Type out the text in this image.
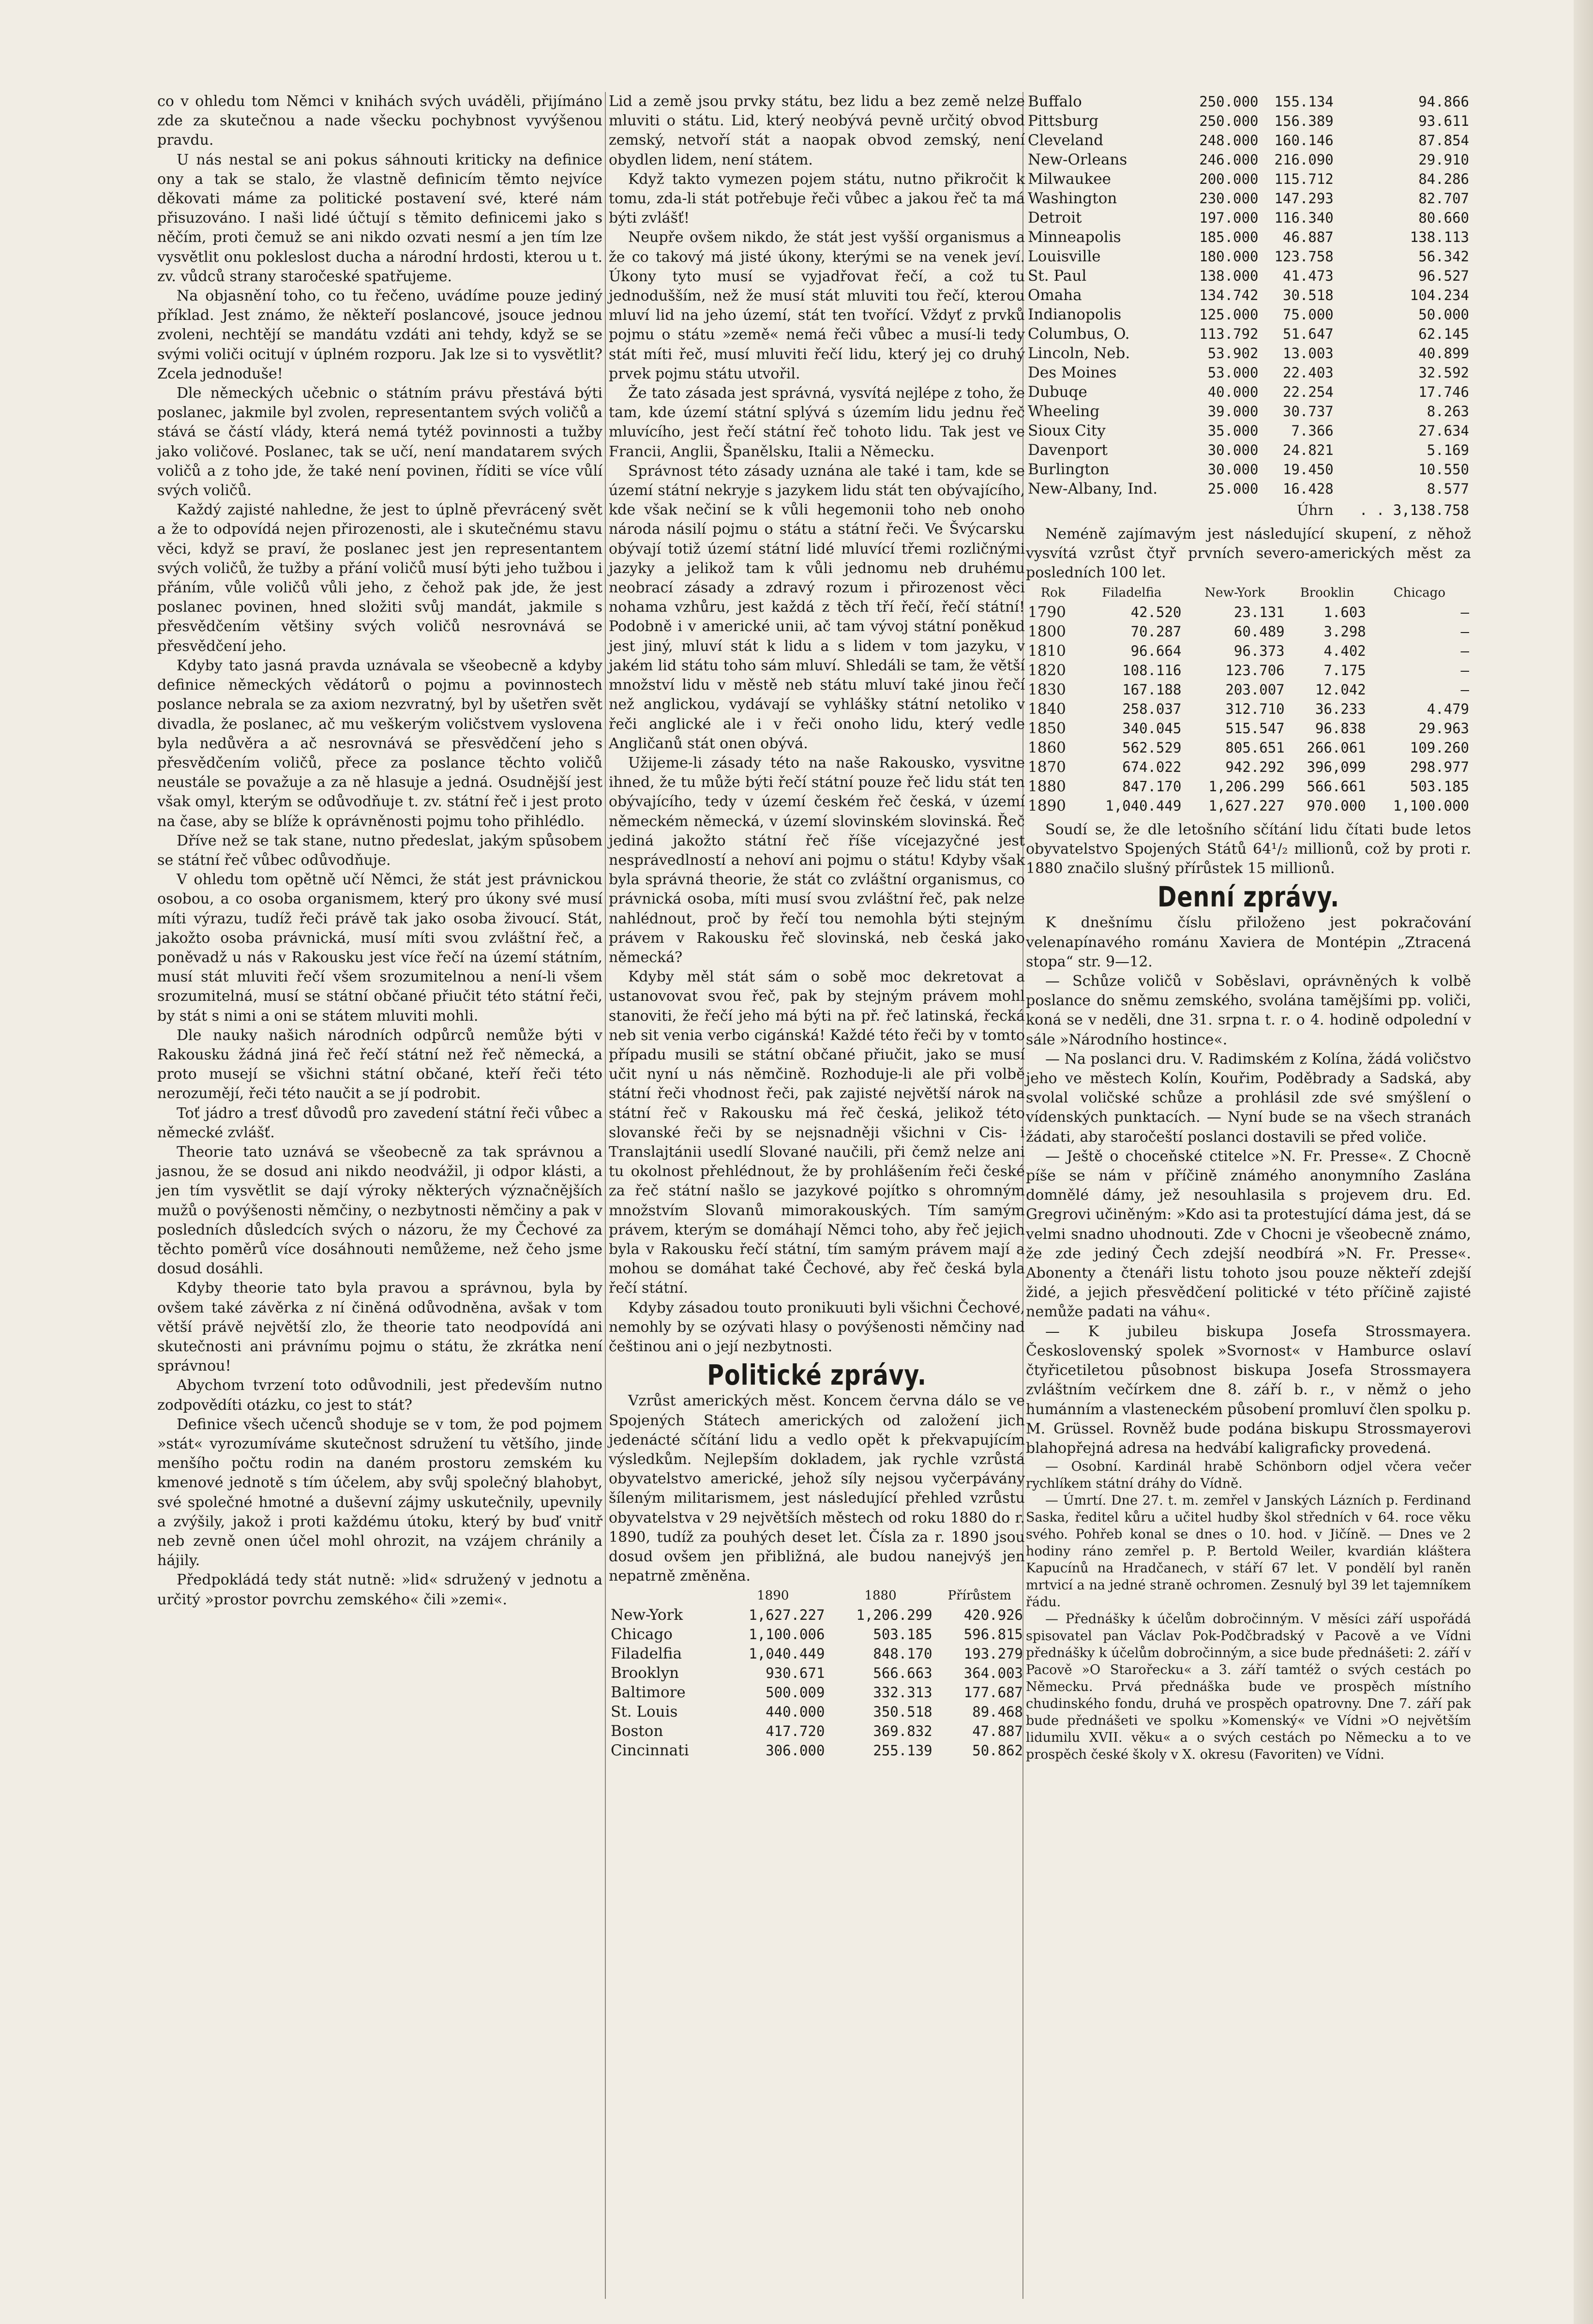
co v ohledu tom Němci v knihách svých uváděli, přijímáno zde za skutečnou a nade všecku pochybnost vyvýšenou pravdu.

U nás nestal se ani pokus sáhnouti kriticky na definice ony a tak se stalo, že vlastně definicím těmto nejvíce děkovati máme za politické postavení své, které nám přisuzováno. I naši lidé účtují s těmito definicemi jako s něčím, proti čemuž se ani nikdo ozvati nesmí a jen tím lze vysvětlit onu pokleslost ducha a národní hrdosti, kterou u t. zv. vůdců strany staročeské spatřujeme.

Na objasnění toho, co tu řečeno, uvádíme pouze jediný příklad. Jest známo, že někteří poslancové, jsouce jednou zvoleni, nechtějí se mandátu vzdáti ani tehdy, když se se svými voliči ocitují v úplném rozporu. Jak lze si to vysvětlit? Zcela jednoduše!

Dle německých učebnic o státním právu přestává býti poslanec, jakmile byl zvolen, representantem svých voličů a stává se částí vlády, která nemá tytéž povinnosti a tužby jako voličové. Poslanec, tak se učí, není mandatarem svých voličů a z toho jde, že také není povinen, říditi se více vůlí svých voličů.

Každý zajisté nahledne, že jest to úplně převrácený svět a že to odpovídá nejen přirozenosti, ale i skutečnému stavu věci, když se praví, že poslanec jest jen representantem svých voličů, že tužby a přání voličů musí býti jeho tužbou i přáním, vůle voličů vůli jeho, z čehož pak jde, že jest poslanec povinen, hned složiti svůj mandát, jakmile s přesvědčením většiny svých voličů nesrovnává se přesvědčení jeho.

Kdyby tato jasná pravda uznávala se všeobecně a kdyby definice německých vědátorů o pojmu a povinnostech poslance nebrala se za axiom nezvratný, byl by ušetřen svět divadla, že poslanec, ač mu veškerým voličstvem vyslovena byla nedůvěra a ač nesrovnává se přesvědčení jeho s přesvědčením voličů, přece za poslance těchto voličů neustále se považuje a za ně hlasuje a jedná. Osudnější jest však omyl, kterým se odůvodňuje t. zv. státní řeč i jest proto na čase, aby se blíže k oprávněnosti pojmu toho přihlédlo.

Dříve než se tak stane, nutno předeslat, jakým spůsobem se státní řeč vůbec odůvodňuje.

V ohledu tom opětně učí Němci, že stát jest právnickou osobou, a co osoba organismem, který pro úkony své musí míti výrazu, tudíž řeči právě tak jako osoba živoucí. Stát, jakožto osoba právnická, musí míti svou zvláštní řeč, a poněvadž u nás v Rakousku jest více řečí na území státním, musí stát mluviti řečí všem srozumitelnou a není-li všem srozumitelná, musí se státní občané přiučit této státní řeči, by stát s nimi a oni se státem mluviti mohli.

Dle nauky našich národních odpůrců nemůže býti v Rakousku žádná jiná řeč řečí státní než řeč německá, a proto musejí se všichni státní občané, kteří řeči této nerozumějí, řeči této naučit a se jí podrobit.

Toť jádro a tresť důvodů pro zavedení státní řeči vůbec a německé zvlášť.

Theorie tato uznává se všeobecně za tak správnou a jasnou, že se dosud ani nikdo neodvážil, ji odpor klásti, a jen tím vysvětlit se dají výroky některých význačnějších mužů o povýšenosti němčiny, o nezbytnosti němčiny a pak v posledních důsledcích svých o názoru, že my Čechové za těchto poměrů více dosáhnouti nemůžeme, než čeho jsme dosud dosáhli.

Kdyby theorie tato byla pravou a správnou, byla by ovšem také závěrka z ní činěná odůvodněna, avšak v tom větší právě největší zlo, že theorie tato neodpovídá ani skutečnosti ani právnímu pojmu o státu, že zkrátka není správnou!

Abychom tvrzení toto odůvodnili, jest především nutno zodpovědíti otázku, co jest to stát?

Definice všech učenců shoduje se v tom, že pod pojmem »stát« vyrozumíváme skutečnost sdružení tu většího, jinde menšího počtu rodin na daném prostoru zemském ku kmenové jednotě s tím účelem, aby svůj společný blahobyt, své společné hmotné a duševní zájmy uskutečnily, upevnily a zvýšily, jakož i proti každému útoku, který by buď vnitř neb zevně onen účel mohl ohrozit, na vzájem chránily a hájily.

Předpokládá tedy stát nutně: »lid« sdružený v jednotu a určitý »prostor povrchu zemského« čili »zemi«.

Lid a země jsou prvky státu, bez lidu a bez země nelze mluviti o státu. Lid, který neobývá pevně určitý obvod zemský, netvoří stát a naopak obvod zemský, není obydlen lidem, není státem.

Když takto vymezen pojem státu, nutno přikročit k tomu, zda-li stát potřebuje řeči vůbec a jakou řeč ta má býti zvlášť!

Neupře ovšem nikdo, že stát jest vyšší organismus a že co takový má jisté úkony, kterými se na venek jeví. Úkony tyto musí se vyjadřovat řečí, a což tu jednodušším, než že musí stát mluviti tou řečí, kterou mluví lid na jeho území, stát ten tvořící. Vždyť z prvků pojmu o státu »země« nemá řeči vůbec a musí-li tedy stát míti řeč, musí mluviti řečí lidu, který jej co druhý prvek pojmu státu utvořil.

Že tato zásada jest správná, vysvítá nejlépe z toho, že tam, kde území státní splývá s územím lidu jednu řeč mluvícího, jest řečí státní řeč tohoto lidu. Tak jest ve Francii, Anglii, Španělsku, Italii a Německu.

Správnost této zásady uznána ale také i tam, kde se území státní nekryje s jazykem lidu stát ten obývajícího, kde však nečiní se k vůli hegemonii toho neb onoho národa násilí pojmu o státu a státní řeči. Ve Švýcarsku obývají totiž území státní lidé mluvící třemi rozličnými jazyky a jelikož tam k vůli jednomu neb druhému neobrací zásady a zdravý rozum i přirozenost věci nohama vzhůru, jest každá z těch tří řečí, řečí státní! Podobně i v americké unii, ač tam vývoj státní poněkud jest jiný, mluví stát k lidu a s lidem v tom jazyku, v jakém lid státu toho sám mluví. Shledáli se tam, že větší množství lidu v městě neb státu mluví také jinou řečí než anglickou, vydávají se vyhlášky státní netoliko v řeči anglické ale i v řeči onoho lidu, který vedle Angličanů stát onen obývá.

Užijeme-li zásady této na naše Rakousko, vysvitne ihned, že tu může býti řečí státní pouze řeč lidu stát ten obývajícího, tedy v území českém řeč česká, v území německém německá, v území slovinském slovinská. Řeč jediná jakožto státní řeč říše vícejazyčné jest nesprávedlností a nehoví ani pojmu o státu! Kdyby však byla správná theorie, že stát co zvláštní organismus, co právnická osoba, míti musí svou zvláštní řeč, pak nelze nahlédnout, proč by řečí tou nemohla býti stejným právem v Rakousku řeč slovinská, neb česká jako německá?

Kdyby měl stát sám o sobě moc dekretovat a ustanovovat svou řeč, pak by stejným právem mohl stanoviti, že řečí jeho má býti na př. řeč latinská, řecká neb sit venia verbo cigánská! Každé této řeči by v tomto případu musili se státní občané přiučit, jako se musí učit nyní u nás němčině. Rozhoduje-li ale při volbě státní řeči vhodnost řeči, pak zajisté největší nárok na státní řeč v Rakousku má řeč česká, jelikož této slovanské řeči by se nejsnadněji všichni v Cis- i Translajtánii usedlí Slované naučili, při čemž nelze ani tu okolnost přehlédnout, že by prohlášením řeči české za řeč státní našlo se jazykové pojítko s ohromným množstvím Slovanů mimorakouských. Tím samým právem, kterým se domáhají Němci toho, aby řeč jejich byla v Rakousku řečí státní, tím samým právem mají a mohou se domáhat také Čechové, aby řeč česká byla řečí státní.

Kdyby zásadou touto pronikuuti byli všichni Čechové, nemohly by se ozývati hlasy o povýšenosti němčiny nad češtinou ani o její nezbytnosti.

Politické zprávy.

Vzrůst amerických měst. Koncem června dálo se ve Spojených Státech amerických od založení jich jedenácté sčítání lidu a vedlo opět k překvapujícím výsledkům. Nejlepším dokladem, jak rychle vzrůstá obyvatelstvo americké, jehož síly nejsou vyčerpávány šíleným militarismem, jest následující přehled vzrůstu obyvatelstva v 29 největších městech od roku 1880 do r. 1890, tudíž za pouhých deset let. Čísla za r. 1890 jsou dosud ovšem jen přibližná, ale budou nanejvýš jen nepatrně změněna.

	1890	1880	Přírůstem
New-York	1,627.227	1,206.299	420.926
Chicago	1,100.006	503.185	596.815
Filadelfia	1,040.449	848.170	193.279
Brooklyn	930.671	566.663	364.003
Baltimore	500.009	332.313	177.687
St. Louis	440.000	350.518	89.468
Boston	417.720	369.832	47.887
Cincinnati	306.000	255.139	50.862
Buffalo	250.000	155.134	94.866
Pittsburg	250.000	156.389	93.611
Cleveland	248.000	160.146	87.854
New-Orleans	246.000	216.090	29.910
Milwaukee	200.000	115.712	84.286
Washington	230.000	147.293	82.707
Detroit	197.000	116.340	80.660
Minneapolis	185.000	46.887	138.113
Louisville	180.000	123.758	56.342
St. Paul	138.000	41.473	96.527
Omaha	134.742	30.518	104.234
Indianopolis	125.000	75.000	50.000
Columbus, O.	113.792	51.647	62.145
Lincoln, Neb.	53.902	13.003	40.899
Des Moines	53.000	22.403	32.592
Dubuqe	40.000	22.254	17.746
Wheeling	39.000	30.737	8.263
Sioux City	35.000	7.366	27.634
Davenport	30.000	24.821	5.169
Burlington	30.000	19.450	10.550
New-Albany, Ind.	25.000	16.428	8.577
		Úhrn	. . 3,138.758

Neméně zajímavým jest následující skupení, z něhož vysvítá vzrůst čtyř prvních severo-amerických měst za posledních 100 let.

Rok	Filadelfia	New-York	Brooklin	Chicago
1790	42.520	23.131	1.603	—
1800	70.287	60.489	3.298	—
1810	96.664	96.373	4.402	—
1820	108.116	123.706	7.175	—
1830	167.188	203.007	12.042	—
1840	258.037	312.710	36.233	4.479
1850	340.045	515.547	96.838	29.963
1860	562.529	805.651	266.061	109.260
1870	674.022	942.292	396,099	298.977
1880	847.170	1,206.299	566.661	503.185
1890	1,040.449	1,627.227	970.000	1,100.000

Soudí se, že dle letošního sčítání lidu čítati bude letos obyvatelstvo Spojených Států 64¹/₂ millionů, což by proti r. 1880 značilo slušný přírůstek 15 millionů.

Denní zprávy.

K dnešnímu číslu přiloženo jest pokračování velenapínavého románu Xaviera de Montépin „Ztracená stopa“ str. 9—12.

— Schůze voličů v Soběslavi, oprávněných k volbě poslance do sněmu zemského, svolána tamějšími pp. voliči, koná se v neděli, dne 31. srpna t. r. o 4. hodině odpolední v sále »Národního hostince«.

— Na poslanci dru. V. Radimském z Kolína, žádá voličstvo jeho ve městech Kolín, Kouřim, Poděbrady a Sadská, aby svolal voličské schůze a prohlásil zde své smýšlení o vídenských punktacích. — Nyní bude se na všech stranách žádati, aby staročeští poslanci dostavili se před voliče.

— Ještě o choceňské ctitelce »N. Fr. Presse«. Z Chocně píše se nám v příčině známého anonymního Zaslána domnělé dámy, jež nesouhlasila s projevem dru. Ed. Gregrovi učiněným: »Kdo asi ta protestující dáma jest, dá se velmi snadno uhodnouti. Zde v Chocni je všeobecně známo, že zde jediný Čech zdejší neodbírá »N. Fr. Presse«. Abonenty a čtenáři listu tohoto jsou pouze někteří zdejší židé, a jejich přesvědčení politické v této příčině zajisté nemůže padati na váhu«.

— K jubileu biskupa Josefa Strossmayera. Československý spolek »Svornost« v Hamburce oslaví čtyřicetiletou působnost biskupa Josefa Strossmayera zvláštním večírkem dne 8. září b. r., v němž o jeho humánním a vlasteneckém působení promluví člen spolku p. M. Grüssel. Rovněž bude podána biskupu Strossmayerovi blahopřejná adresa na hedvábí kaligraficky provedená.

— Osobní. Kardinál hrabě Schönborn odjel včera večer rychlíkem státní dráhy do Vídně.

— Úmrtí. Dne 27. t. m. zemřel v Janských Lázních p. Ferdinand Saska, ředitel kůru a učitel hudby škol středních v 64. roce věku svého. Pohřeb konal se dnes o 10. hod. v Jičíně. — Dnes ve 2 hodiny ráno zemřel p. P. Bertold Weiler, kvardián kláštera Kapucínů na Hradčanech, v stáří 67 let. V pondělí byl raněn mrtvicí a na jedné straně ochromen. Zesnulý byl 39 let tajemníkem řádu.

— Přednášky k účelům dobročinným. V měsíci září uspořádá spisovatel pan Václav Pok-Podčbradský v Pacově a ve Vídni přednášky k účelům dobročinným, a sice bude přednášeti: 2. září v Pacově »O Starořecku« a 3. září tamtéž o svých cestách po Německu. Prvá přednáška bude ve prospěch místního chudinského fondu, druhá ve prospěch opatrovny. Dne 7. září pak bude přednášeti ve spolku »Komenský« ve Vídni »O největším lidumilu XVII. věku« a o svých cestách po Německu a to ve prospěch české školy v X. okresu (Favoriten) ve Vídni.
